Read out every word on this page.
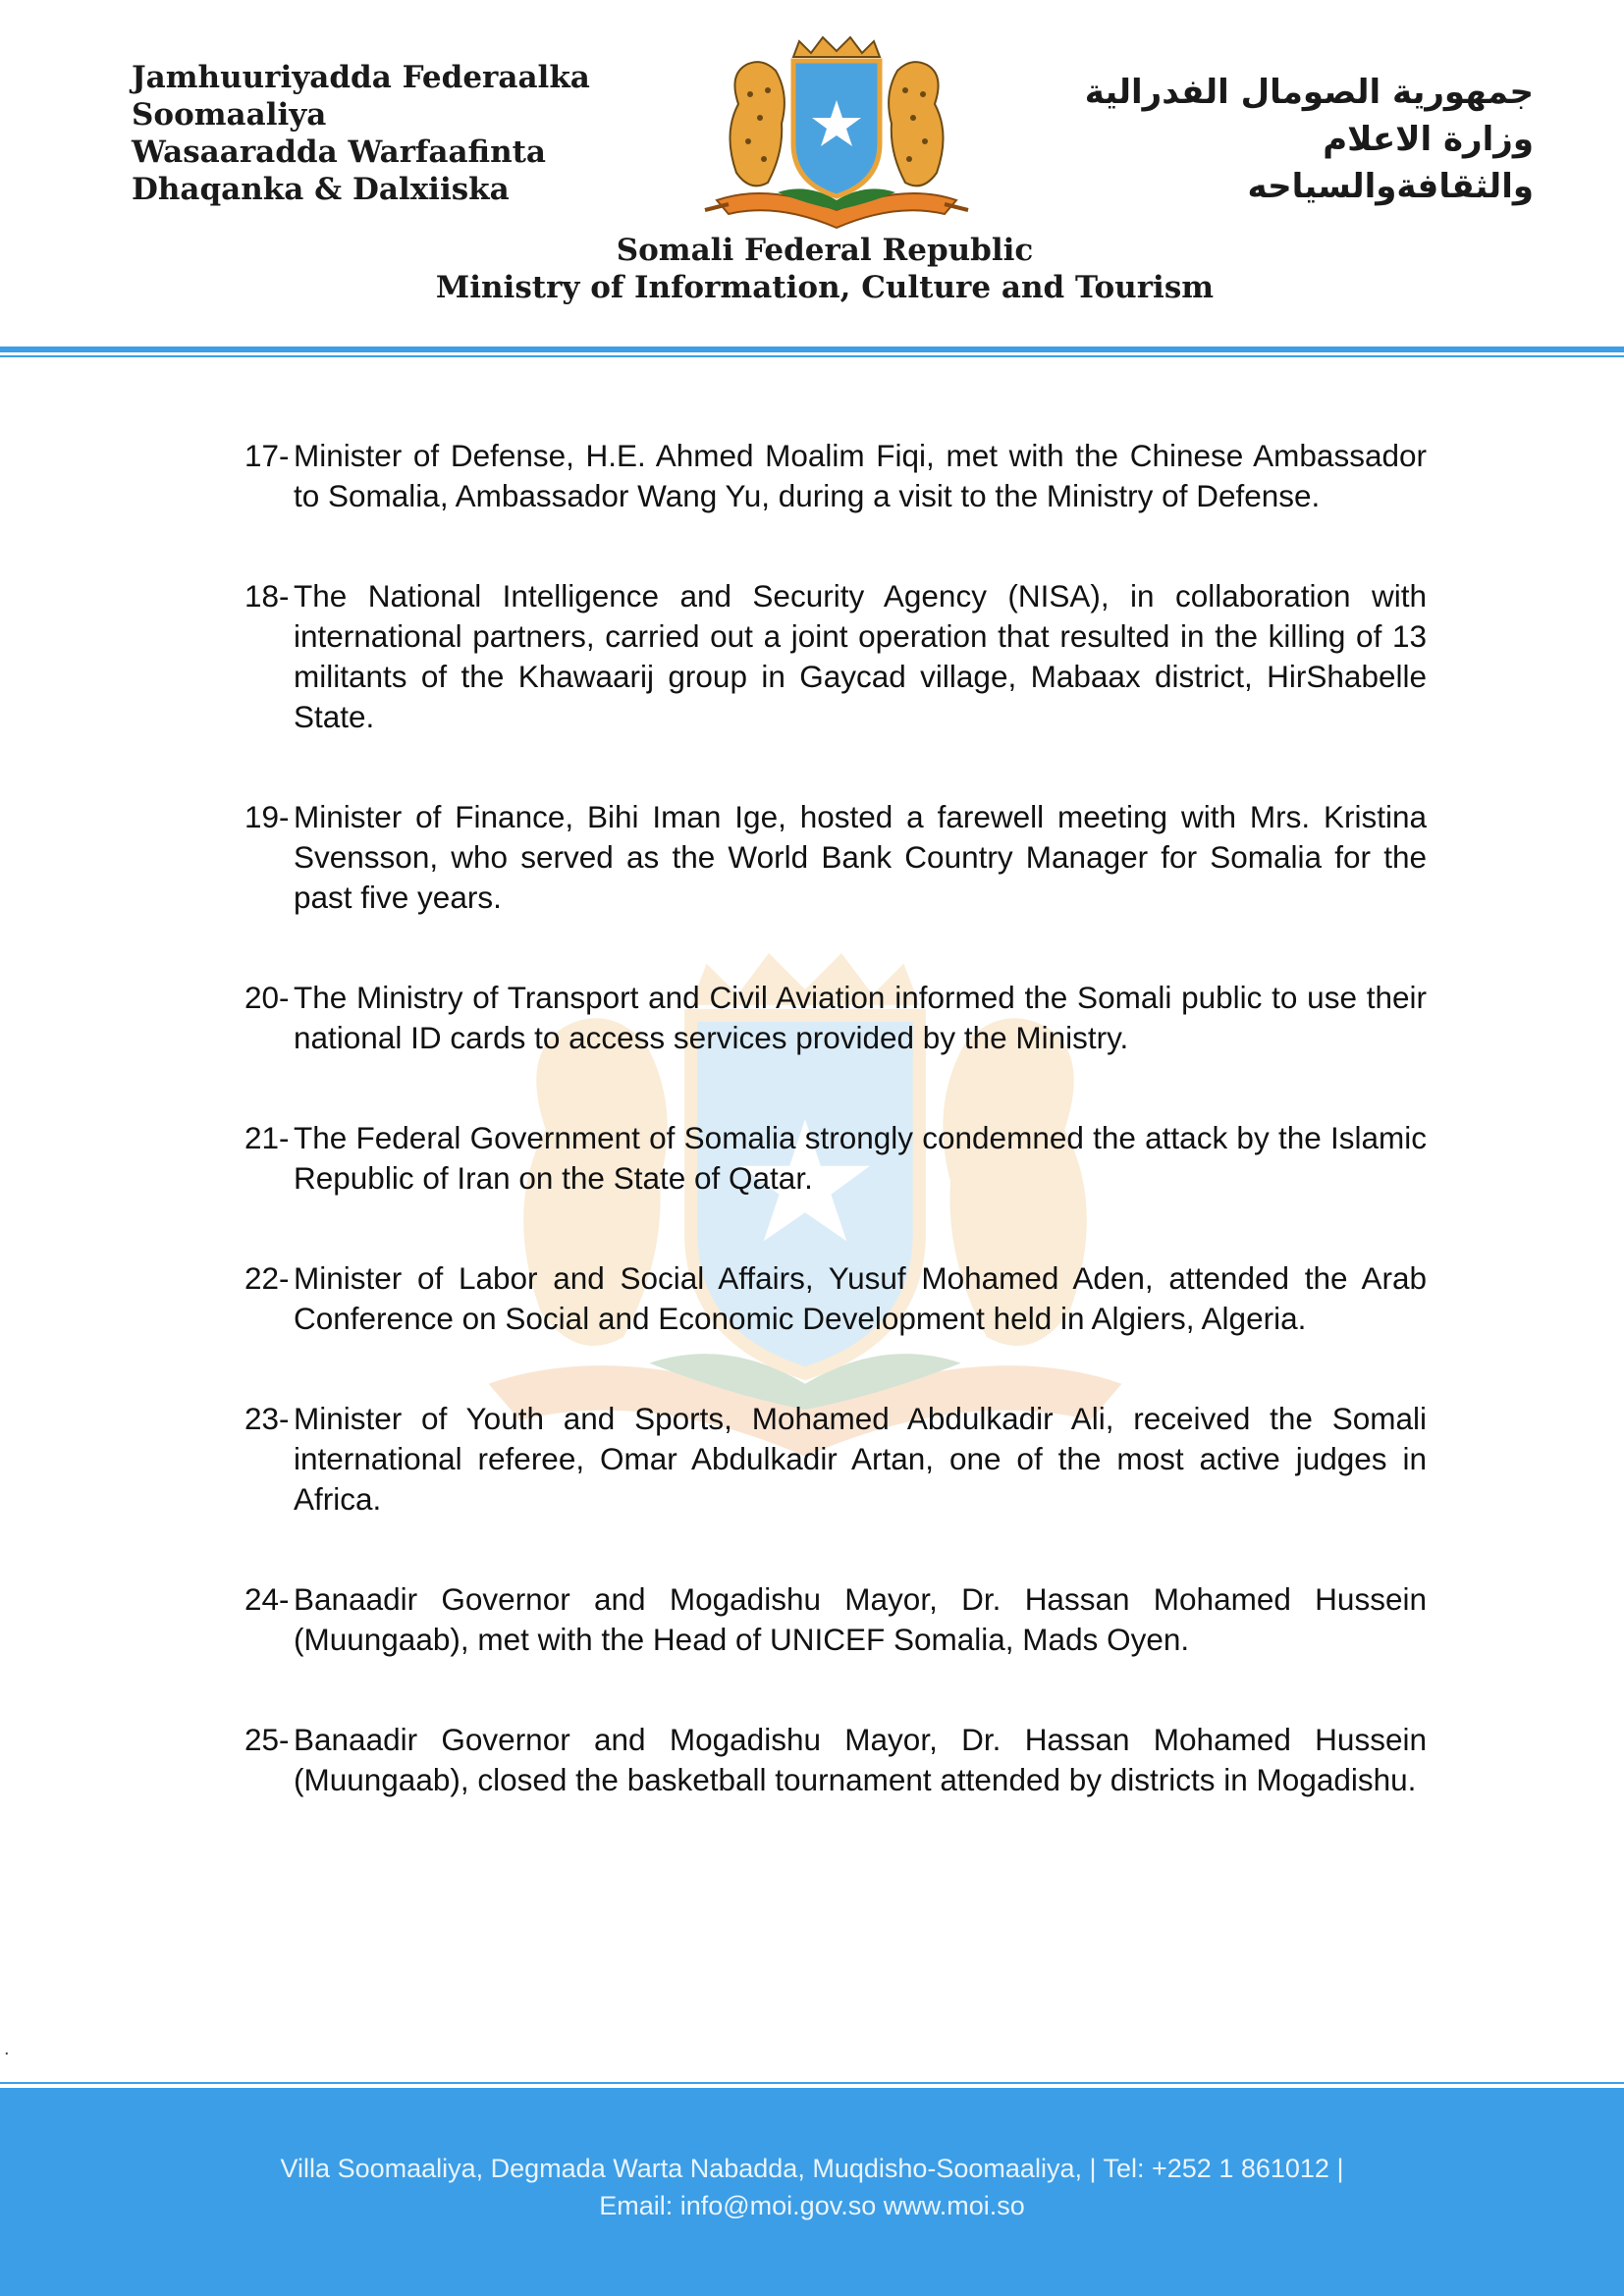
Jamhuuriyadda Federaalka
Soomaaliya
Wasaaradda Warfaafinta
Dhaqanka & Dalxiiska
جمهورية الصومال الفدرالية
وزارة الاعلام
والثقافةوالسياحه
Somali Federal Republic
Ministry of Information, Culture and Tourism
17- Minister of Defense, H.E. Ahmed Moalim Fiqi, met with the Chinese Ambassador to Somalia, Ambassador Wang Yu, during a visit to the Ministry of Defense.
18- The National Intelligence and Security Agency (NISA), in collaboration with international partners, carried out a joint operation that resulted in the killing of 13 militants of the Khawaarij group in Gaycad village, Mabaax district, HirShabelle State.
19- Minister of Finance, Bihi Iman Ige, hosted a farewell meeting with Mrs. Kristina Svensson, who served as the World Bank Country Manager for Somalia for the past five years.
20- The Ministry of Transport and Civil Aviation informed the Somali public to use their national ID cards to access services provided by the Ministry.
21- The Federal Government of Somalia strongly condemned the attack by the Islamic Republic of Iran on the State of Qatar.
22- Minister of Labor and Social Affairs, Yusuf Mohamed Aden, attended the Arab Conference on Social and Economic Development held in Algiers, Algeria.
23- Minister of Youth and Sports, Mohamed Abdulkadir Ali, received the Somali international referee, Omar Abdulkadir Artan, one of the most active judges in Africa.
24- Banaadir Governor and Mogadishu Mayor, Dr. Hassan Mohamed Hussein (Muungaab), met with the Head of UNICEF Somalia, Mads Oyen.
25- Banaadir Governor and Mogadishu Mayor, Dr. Hassan Mohamed Hussein (Muungaab), closed the basketball tournament attended by districts in Mogadishu.
.
Villa Soomaaliya, Degmada Warta Nabadda, Muqdisho-Soomaaliya, | Tel: +252 1 861012 |
Email: info@moi.gov.so www.moi.so
